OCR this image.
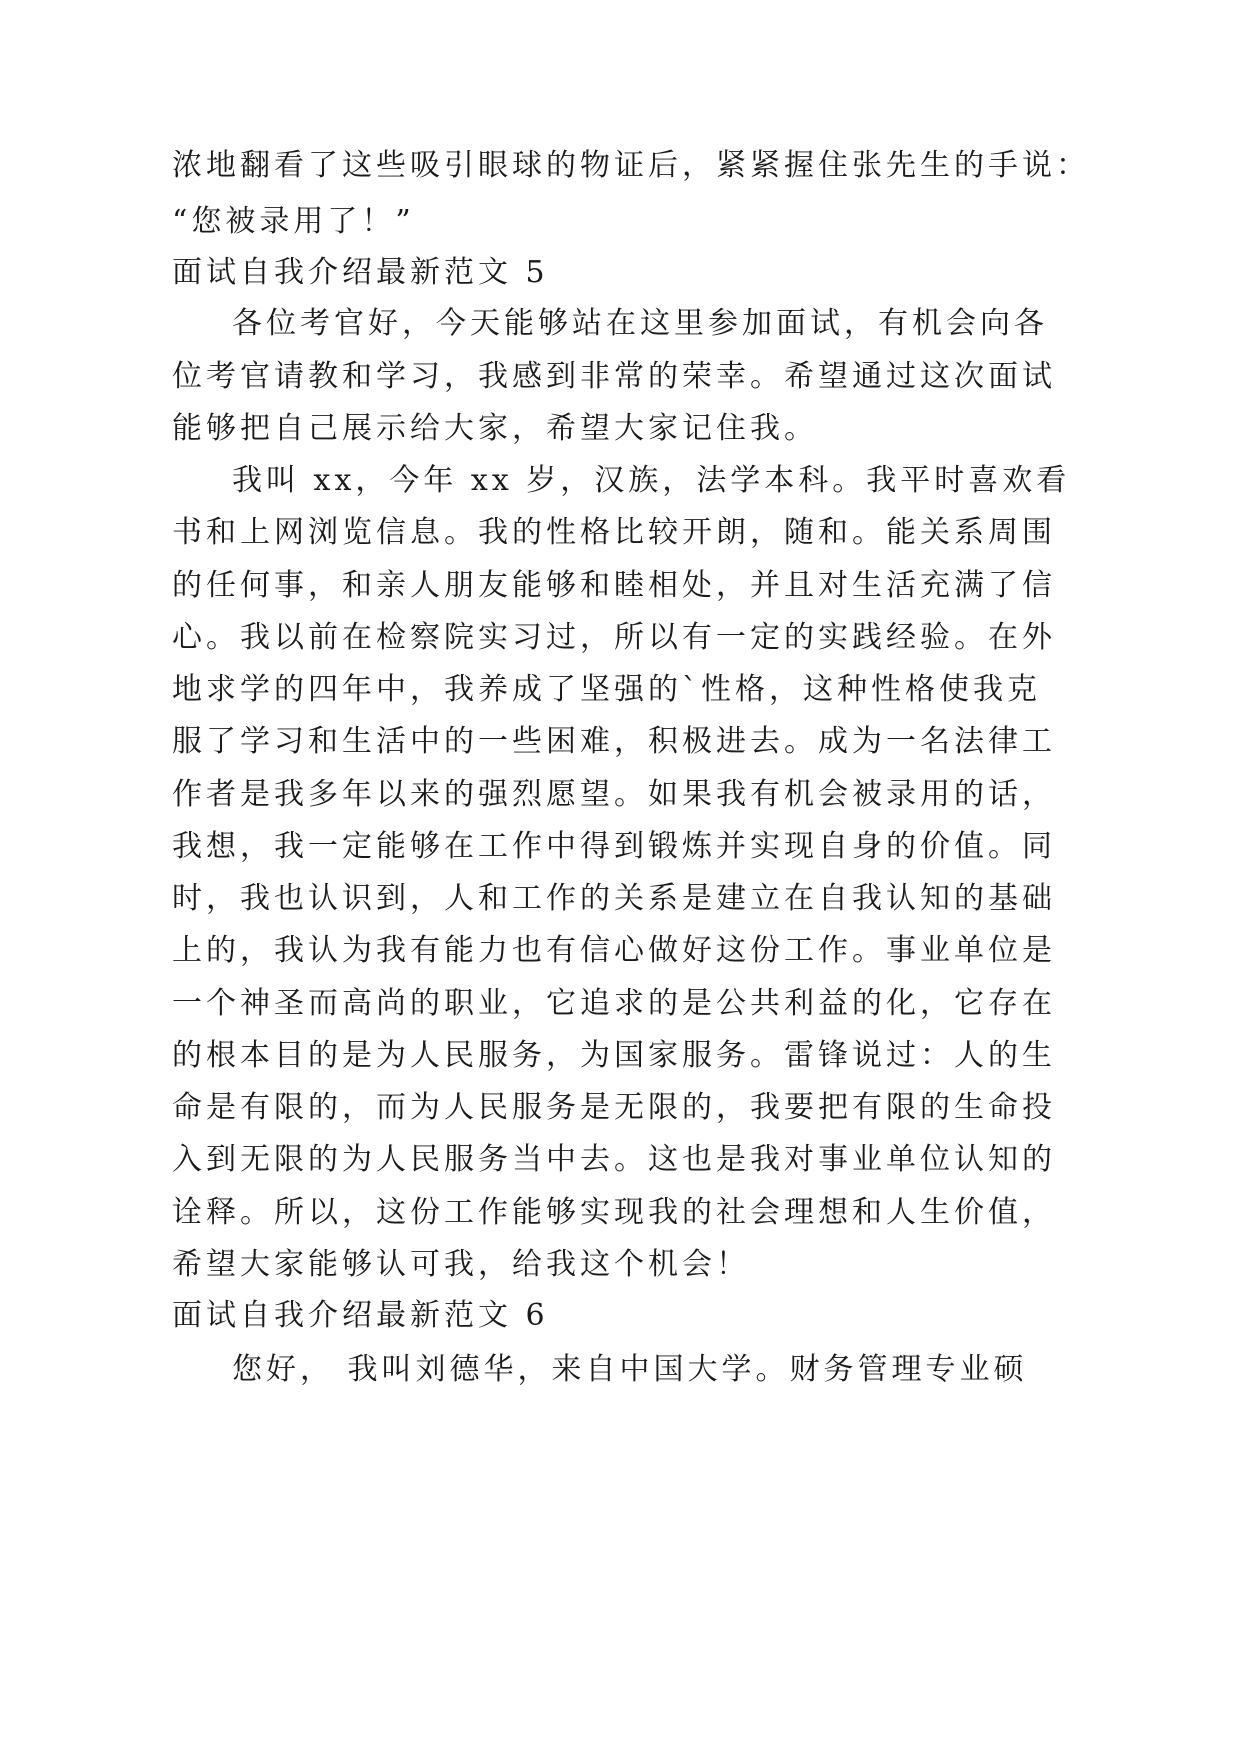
浓地翻看了这些吸引眼球的物证后，紧紧握住张先生的手说：
“您被录用了！”
面试自我介绍最新范文 5
各位考官好，今天能够站在这里参加面试，有机会向各
位考官请教和学习，我感到非常的荣幸。希望通过这次面试
能够把自己展示给大家，希望大家记住我。
我叫 xx，今年 xx 岁，汉族，法学本科。我平时喜欢看
书和上网浏览信息。我的性格比较开朗，随和。能关系周围
的任何事，和亲人朋友能够和睦相处，并且对生活充满了信
心。我以前在检察院实习过，所以有一定的实践经验。在外
地求学的四年中，我养成了坚强的`性格，这种性格使我克
服了学习和生活中的一些困难，积极进去。成为一名法律工
作者是我多年以来的强烈愿望。如果我有机会被录用的话，
我想，我一定能够在工作中得到锻炼并实现自身的价值。同
时，我也认识到，人和工作的关系是建立在自我认知的基础
上的，我认为我有能力也有信心做好这份工作。事业单位是
一个神圣而高尚的职业，它追求的是公共利益的化，它存在
的根本目的是为人民服务，为国家服务。雷锋说过：人的生
命是有限的，而为人民服务是无限的，我要把有限的生命投
入到无限的为人民服务当中去。这也是我对事业单位认知的
诠释。所以，这份工作能够实现我的社会理想和人生价值，
希望大家能够认可我，给我这个机会！
面试自我介绍最新范文 6
您好， 我叫刘德华，来自中国大学。财务管理专业硕
